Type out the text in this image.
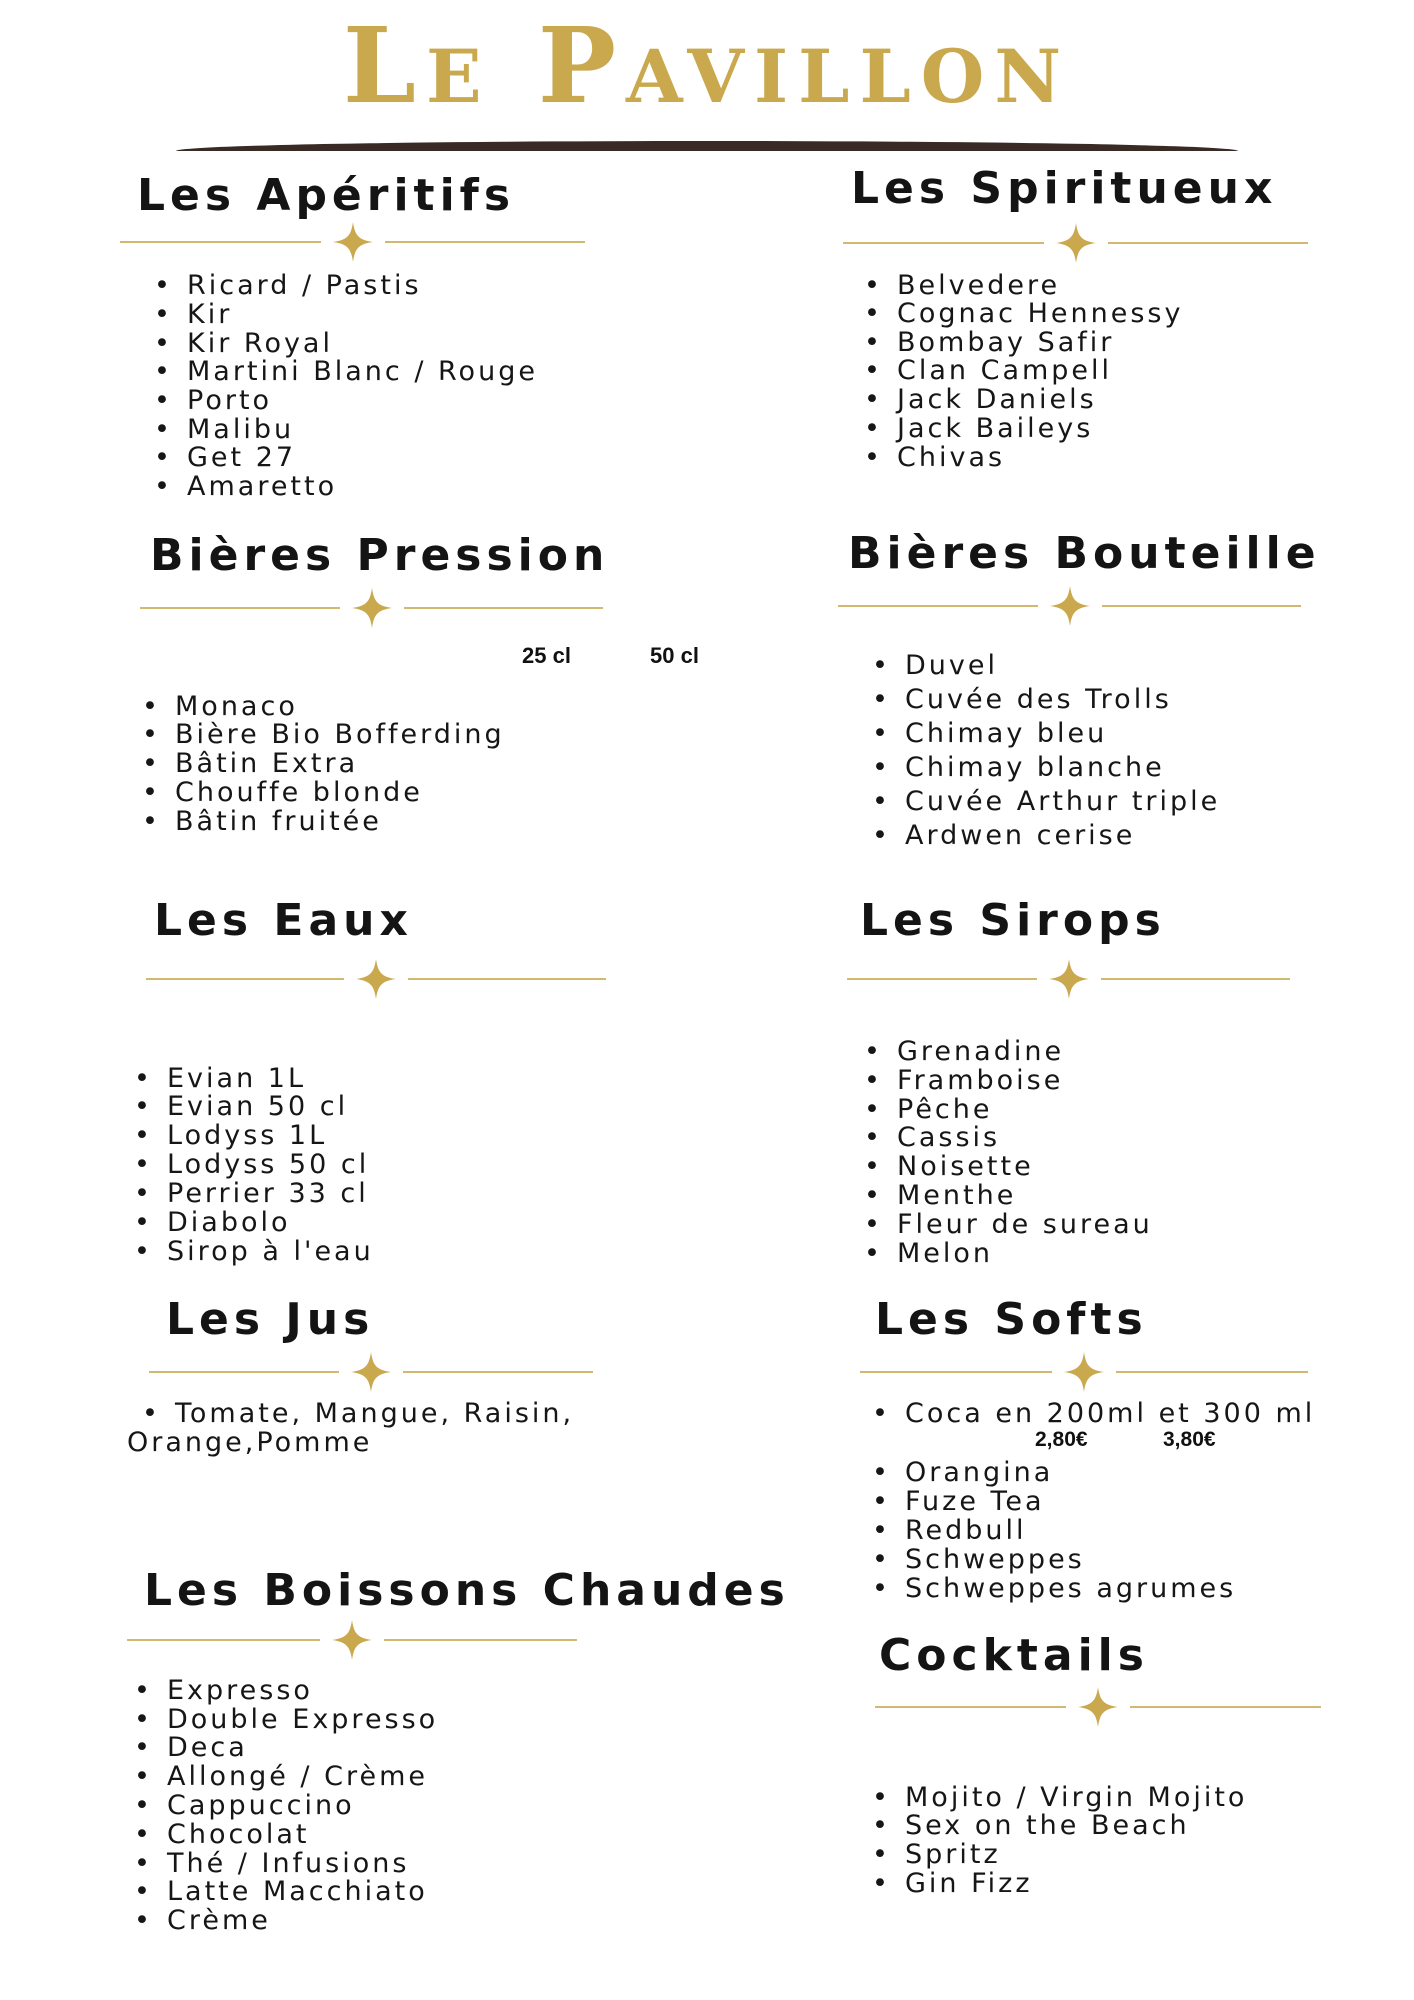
Le Pavillon
Les Apéritifs
• Ricard / Pastis
• Kir
• Kir Royal
• Martini Blanc / Rouge
• Porto
• Malibu
• Get 27
• Amaretto
Les Spiritueux
• Belvedere
• Cognac Hennessy
• Bombay Safir
• Clan Campell
• Jack Daniels
• Jack Baileys
• Chivas
Bières Pression
25 cl	50 cl
• Monaco
• Bière Bio Bofferding
• Bâtin Extra
• Chouffe blonde
• Bâtin fruitée
Bières Bouteille
• Duvel
• Cuvée des Trolls
• Chimay bleu
• Chimay blanche
• Cuvée Arthur triple
• Ardwen cerise
Les Eaux
• Evian 1L
• Evian 50 cl
• Lodyss 1L
• Lodyss 50 cl
• Perrier 33 cl
• Diabolo
• Sirop à l'eau
Les Sirops
• Grenadine
• Framboise
• Pêche
• Cassis
• Noisette
• Menthe
• Fleur de sureau
• Melon
Les Jus
• Tomate, Mangue, Raisin,
Orange,Pomme
Les Softs
• Coca en 200ml et 300 ml
2,80€	3,80€
• Orangina
• Fuze Tea
• Redbull
• Schweppes
• Schweppes agrumes
Les Boissons Chaudes
• Expresso
• Double Expresso
• Deca
• Allongé / Crème
• Cappuccino
• Chocolat
• Thé / Infusions
• Latte Macchiato
• Crème
Cocktails
• Mojito / Virgin Mojito
• Sex on the Beach
• Spritz
• Gin Fizz
